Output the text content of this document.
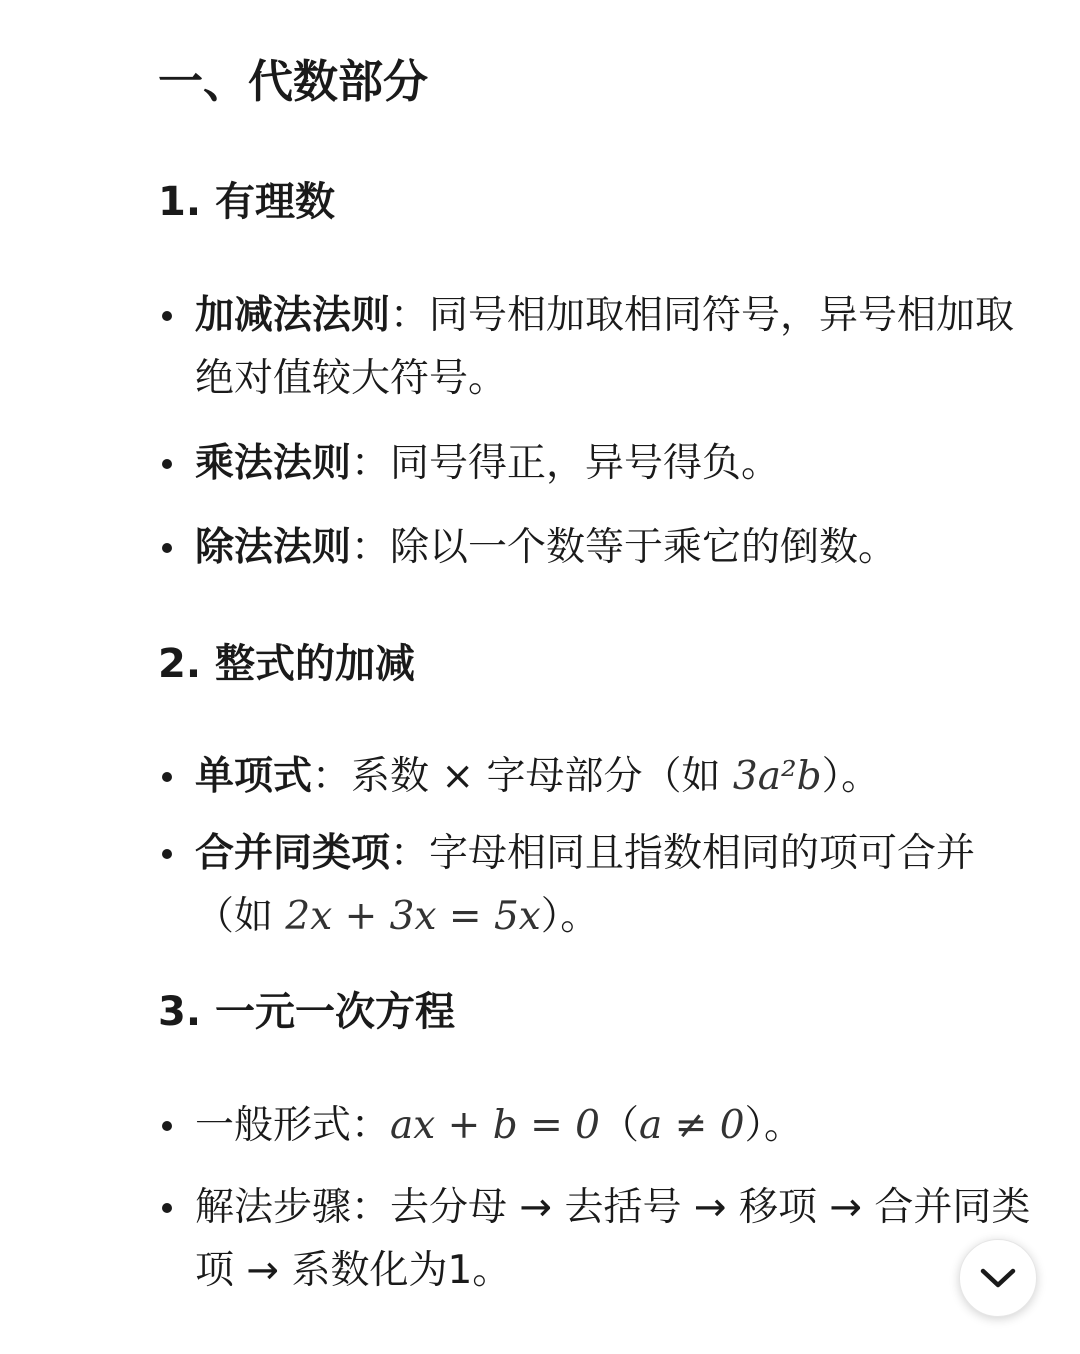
一、代数部分
1. 有理数
加减法法则：同号相加取相同符号，异号相加取绝对值较大符号。
乘法法则：同号得正，异号得负。
除法法则：除以一个数等于乘它的倒数。
2. 整式的加减
单项式：系数 × 字母部分（如 3a²b）。
合并同类项：字母相同且指数相同的项可合并（如 2x + 3x = 5x）。
3. 一元一次方程
一般形式：ax + b = 0（a ≠ 0）。
解法步骤：去分母 → 去括号 → 移项 → 合并同类项 → 系数化为1。
